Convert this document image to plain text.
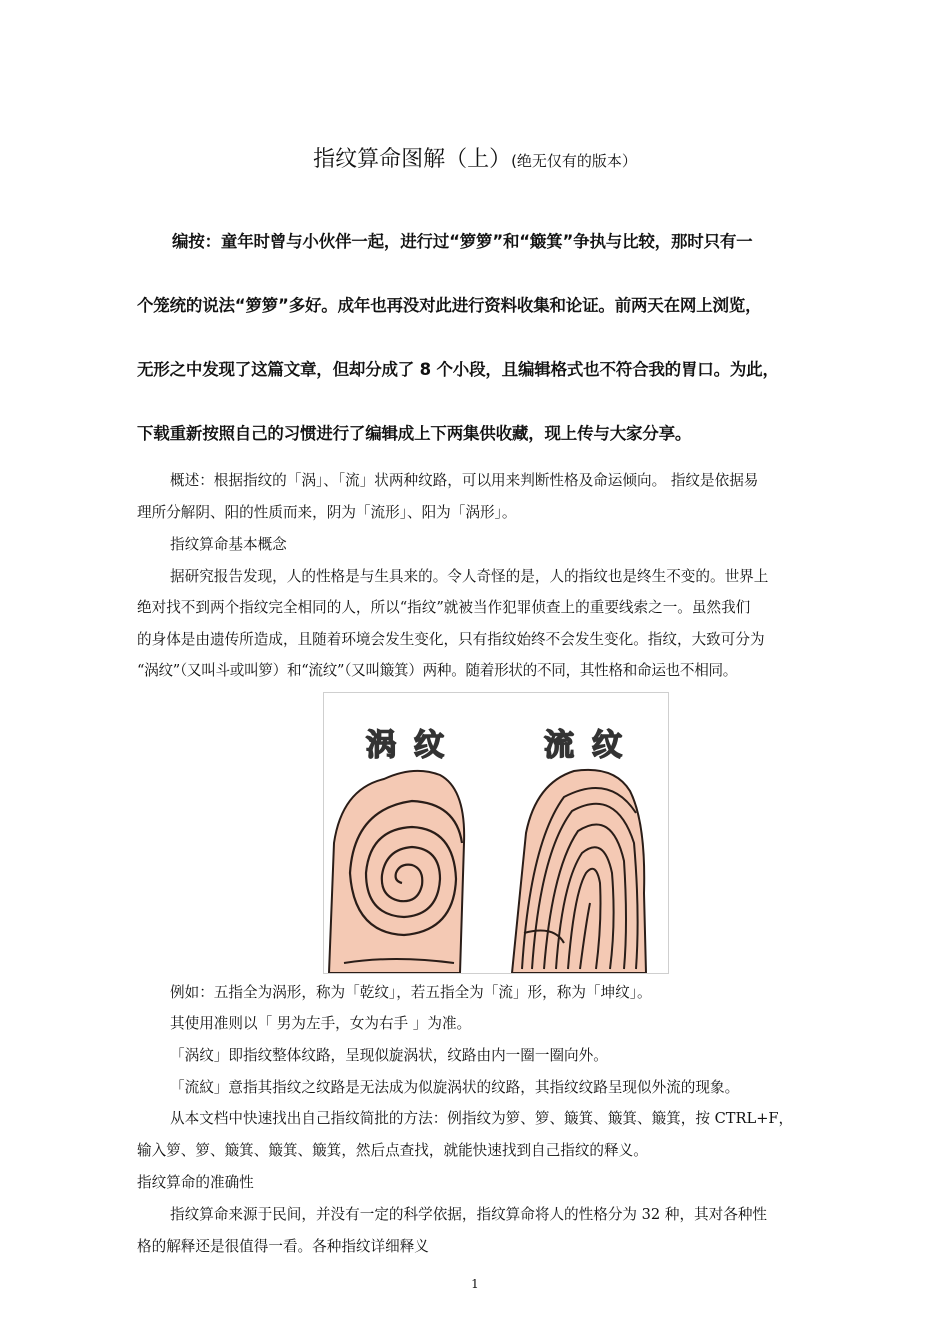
指纹算命图解（上）(绝无仅有的版本）
编按：童年时曾与小伙伴一起，进行过“箩箩”和“簸箕”争执与比较，那时只有一
个笼统的说法“箩箩”多好。成年也再没对此进行资料收集和论证。前两天在网上浏览，
无形之中发现了这篇文章，但却分成了 8 个小段，且编辑格式也不符合我的胃口。为此，
下载重新按照自己的习惯进行了编辑成上下两集供收藏，现上传与大家分享。
概述：根据指纹的「涡」、「流」状两种纹路，可以用来判断性格及命运倾向。 指纹是依据易
理所分解阴、阳的性质而来，阴为「流形」、阳为「涡形」。
指纹算命基本概念
据研究报告发现，人的性格是与生具来的。令人奇怪的是，人的指纹也是终生不变的。世界上
绝对找不到两个指纹完全相同的人，所以“指纹”就被当作犯罪侦查上的重要线索之一。虽然我们
的身体是由遗传所造成，且随着环境会发生变化，只有指纹始终不会发生变化。指纹，大致可分为
“涡纹”（又叫斗或叫箩）和“流纹”（又叫簸箕）两种。随着形状的不同，其性格和命运也不相同。
涡纹	流纹
例如：五指全为涡形，称为「乾纹」，若五指全为「流」形，称为「坤纹」。
其使用准则以「 男为左手，女为右手 」为准。
「涡纹」即指纹整体纹路，呈现似旋涡状，纹路由内一圈一圈向外。
「流紋」意指其指纹之纹路是无法成为似旋涡状的纹路，其指纹纹路呈现似外流的现象。
从本文档中快速找出自己指纹简批的方法：例指纹为箩、箩、簸箕、簸箕、簸箕，按 CTRL+F，
输入箩、箩、簸箕、簸箕、簸箕，然后点查找，就能快速找到自己指纹的释义。
指纹算命的准确性
指纹算命来源于民间，并没有一定的科学依据，指纹算命将人的性格分为 32 种，其对各种性
格的解释还是很值得一看。各种指纹详细释义
1
